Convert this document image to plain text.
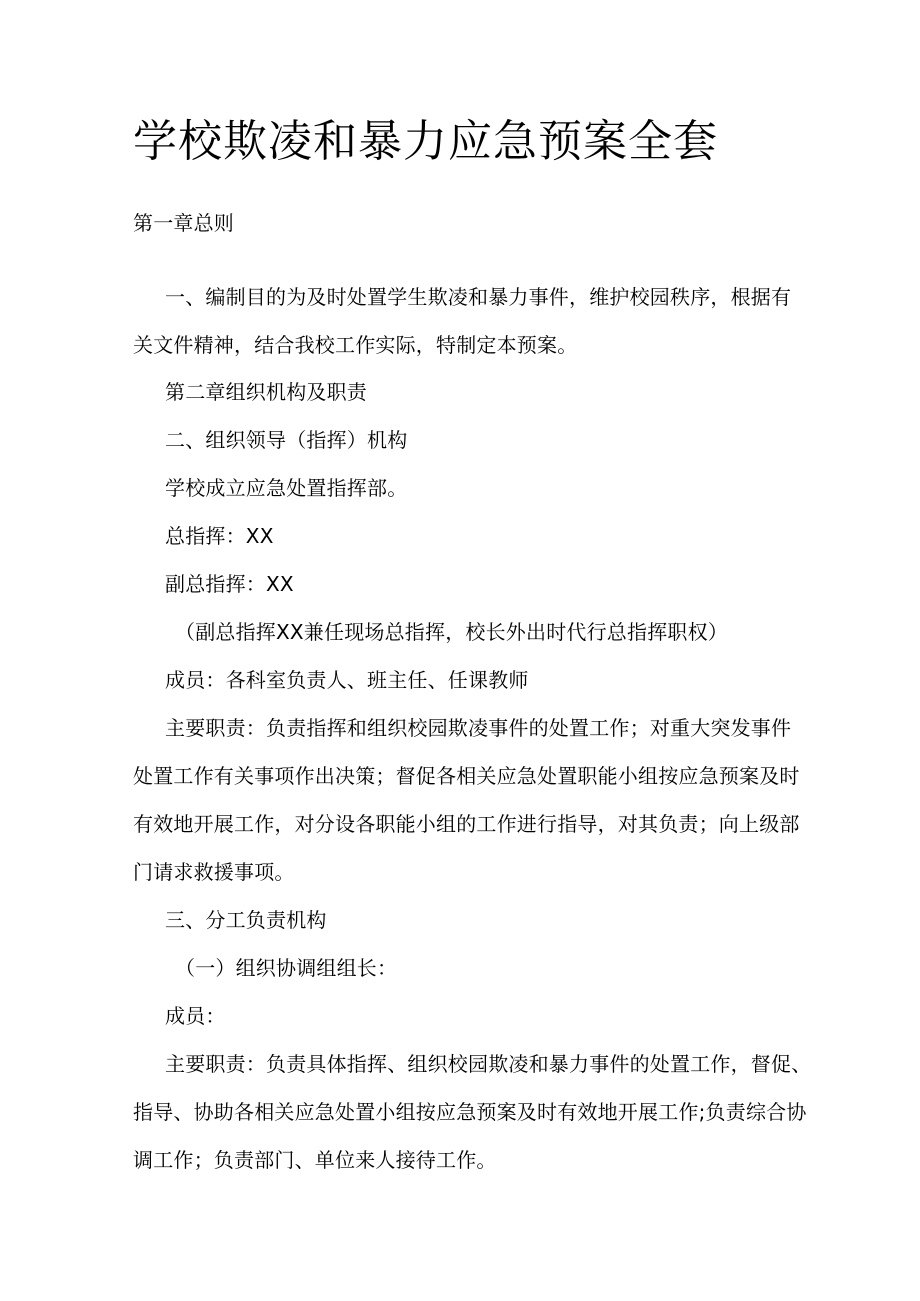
学校欺凌和暴力应急预案全套
第一章总则
一、编制目的为及时处置学生欺凌和暴力事件，维护校园秩序，根据有
关文件精神，结合我校工作实际，特制定本预案。
第二章组织机构及职责
二、组织领导（指挥）机构
学校成立应急处置指挥部。
总指挥：XX
副总指挥：XX
（副总指挥XX兼任现场总指挥，校长外出时代行总指挥职权）
成员：各科室负责人、班主任、任课教师
主要职责：负责指挥和组织校园欺凌事件的处置工作；对重大突发事件
处置工作有关事项作出决策；督促各相关应急处置职能小组按应急预案及时
有效地开展工作，对分设各职能小组的工作进行指导，对其负责；向上级部
门请求救援事项。
三、分工负责机构
（一）组织协调组组长：
成员：
主要职责：负责具体指挥、组织校园欺凌和暴力事件的处置工作，督促、
指导、协助各相关应急处置小组按应急预案及时有效地开展工作;负责综合协
调工作；负责部门、单位来人接待工作。
